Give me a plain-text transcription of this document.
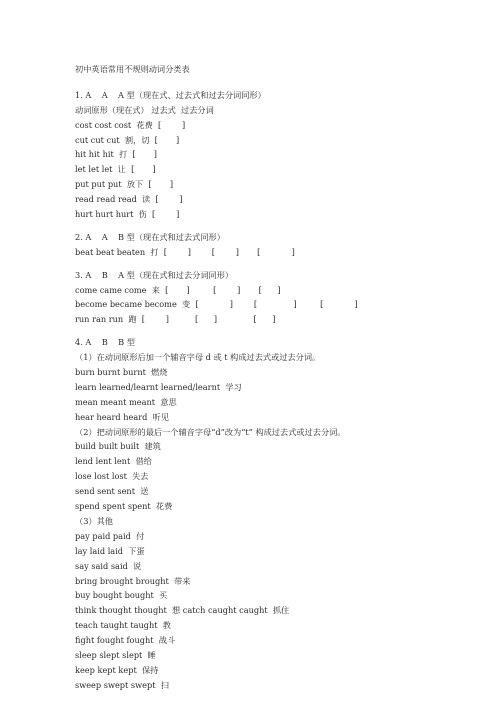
初中英语常用不规则动词分类表
1. A    A    A 型（现在式、过去式和过去分词同形）
动词原形（现在式） 过去式  过去分词
cost cost cost  花费  [        ]
cut cut cut  割，切  [       ]
hit hit hit  打  [       ]
let let let  让  [       ]
put put put  放下  [       ]
read read read  读  [        ]
hurt hurt hurt  伤  [        ]
2. A    A    B 型（现在式和过去式同形）
beat beat beaten  打  [        ]        [        ]       [            ]
3. A    B    A 型（现在式和过去分词同形）
come came come  来  [       ]         [        ]       [      ]
become became become  变  [            ]        [              ]         [            ]
run ran run  跑  [        ]          [      ]              [      ]
4. A    B    B 型
（1）在动词原形后加一个辅音字母 d 或 t 构成过去式或过去分词。
burn burnt burnt  燃烧
learn learned/learnt learned/learnt  学习
mean meant meant  意思
hear heard heard  听见
（2）把动词原形的最后一个辅音字母“d”改为“t” 构成过去式或过去分词。
build built built  建筑
lend lent lent  借给
lose lost lost  失去
send sent sent  送
spend spent spent  花费
（3）其他
pay paid paid  付
lay laid laid  下蛋
say said said  说
bring brought brought  带来
buy bought bought  买
think thought thought  想 catch caught caught  抓住
teach taught taught  教
fight fought fought  战斗
sleep slept slept  睡
keep kept kept  保持
sweep swept swept  扫
